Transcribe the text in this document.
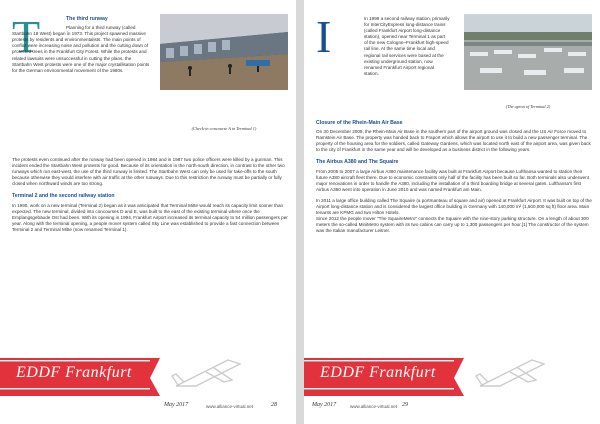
T	The third runway
Planning for a third runway (called Startbahn 18 West) began in 1973. This project spawned massive protests by residents and environmentalists. The main points of conflict were increasing noise and pollution and the cutting down of protected trees in the Frankfurt City Forest. While the protests and related lawsuits were unsuccessful in cutting the plans, the Startbahn West protests were one of the major crystallisation points for the German environmental movement of the 1980s.
(Check-in concourse A in Terminal 1)

The protests even continued after the runway had been opened in 1984 and in 1987 two police officers were killed by a gunman. This incident ended the Startbahn West protests for good. Because of its orientation in the north-south direction, in contrast to the other two runways which run east-west, the use of the third runway is limited. The Startbahn West can only be used for take-offs to the south because otherwise they would interfere with air traffic at the other runways. Due to this restriction the runway must be partially or fully closed when northward winds are too strong.

Terminal 2 and the second railway station

In 1990, work on a new terminal (Terminal 2) began as it was anticipated that Terminal Mitte would reach its capacity limit sooner than expected. The new terminal, divided into concourses D and E, was built to the east of the existing terminal where once the Emplangsgebäude Ost had been. With its opening in 1994, Frankfurt Airport increased its terminal capacity to 54 million passengers per year. Along with the terminal opening, a people mover system called Sky Line was established to provide a fast connection between Terminal 2 and Terminal Mitte (now renamed Terminal 1).

EDDF Frankfurt
May 2017	www.alliance-virtual.net	28
I	In 1999 a second railway station, primarily for InterCityExpress long-distance trains (called Frankfurt Airport long-distance station), opened near Terminal 1 as part of the new Cologne–Frankfurt high-speed rail line. At the same time local and regional rail services were based at the existing underground station, now renamed Frankfurt Airport regional station.
(The apron of Terminal 2)
Closure of the Rhein-Main Air Base

On 30 December 2005, the Rhein-Main Air Base in the southern part of the airport ground was closed and the US Air Force moved to Ramstein Air Base. The property was handed back to Fraport which allows the airport to use it to build a new passenger terminal. The property of the housing area for the soldiers, called Gateway Gardens, which was located north east of the airport area, was given back to the city of Frankfurt in the same year and will be developed as a business district in the following years.

The Airbus A380 and The Squaire

From 2005 to 2007 a large Airbus A380 maintenance facility was built at Frankfurt Airport because Lufthansa wanted to station their future A380 aircraft fleet there. Due to economic constraints only half of the facility has been built so far. Both terminals also underwent major renovations in order to handle the A380, including the installation of a third boarding bridge at several gates. Lufthansa's first Airbus A380 went into operation in June 2010 and was named Frankfurt am Main.

In 2011 a large office building called The Squaire (a portmanteau of square and air) opened at Frankfurt Airport. It was built on top of the Airport long-distance station and is considered the largest office building in Germany with 140,000 m² (1,500,000 sq ft) floor area. Main tenants are KPMG and two Hilton Hotels.

Since 2012 the people mover "The SquaireMetro" connects the Squaire with the nine-story parking structure. On a length of about 300 meters the so-called MiniMetro system with its two cabins can carry up to 1,300 passengers per hour.[1] The constructor of the system was the Italian manufacturer Leitner.

EDDF Frankfurt
May 2017	www.alliance-virtual.net 29
